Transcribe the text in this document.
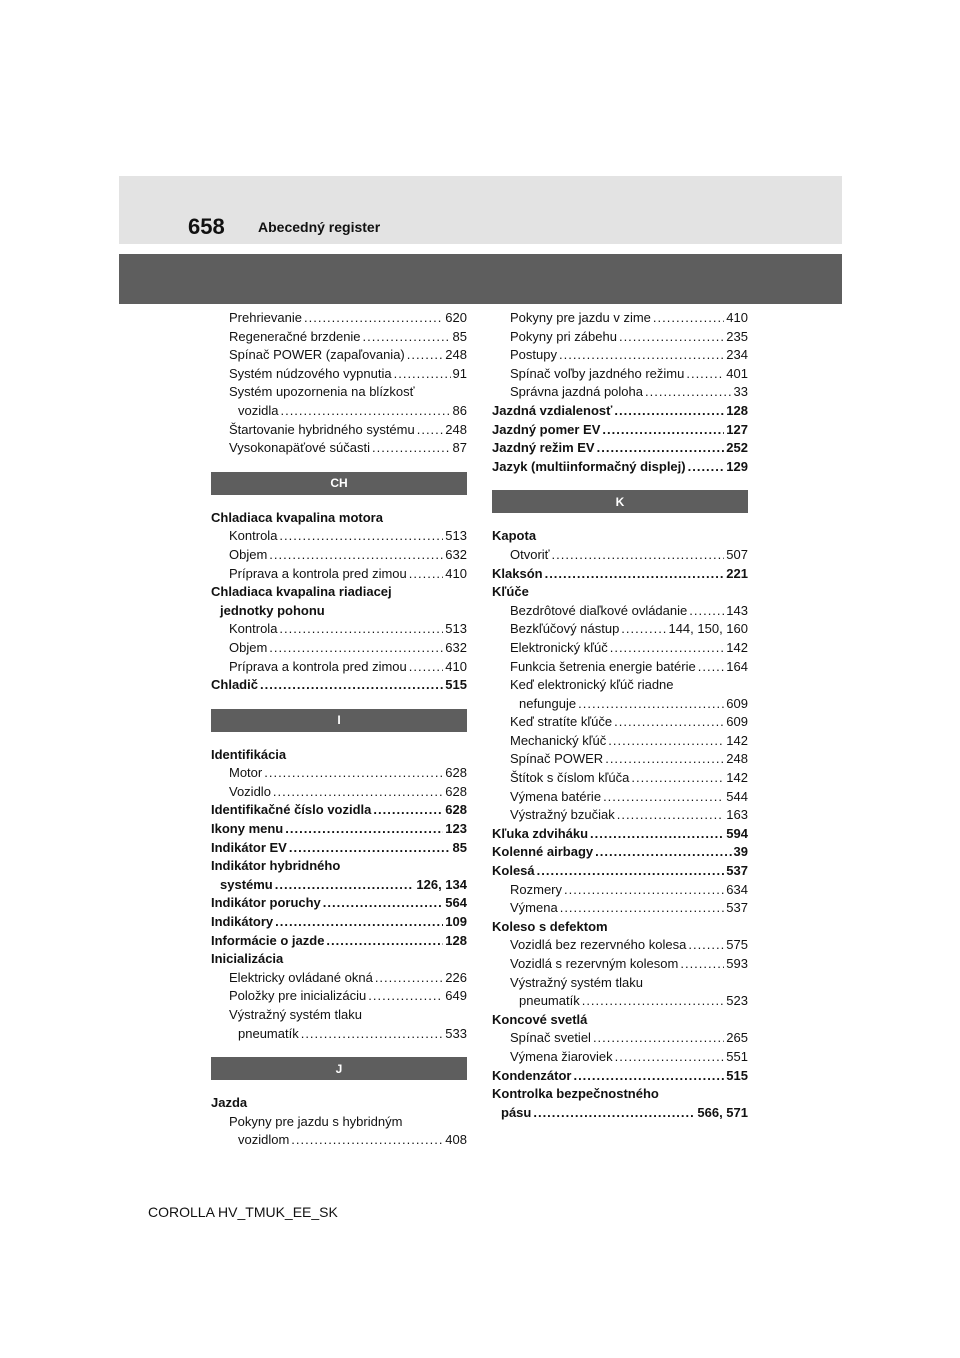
658 Abecedný register
Prehrievanie .....	620
Regeneračné brzdenie .....	85
Spínač POWER (zapaľovania) .....	248
Systém núdzového vypnutia .....	91
Systém upozornenia na blízkosť
vozidla .....	86
Štartovanie hybridného systému ..... 248
Vysokonapäťové súčasti .....	87
CH
Chladiaca kvapalina motora
Kontrola .....	513
Objem .....	632
Príprava a kontrola pred zimou .....	410
Chladiaca kvapalina riadiacej
jednotky pohonu
Kontrola .....	513
Objem .....	632
Príprava a kontrola pred zimou .....	410
Chladič .....	515
I
Identifikácia
Motor .....	628
Vozidlo .....	628
Identifikačné číslo vozidla .....	628
Ikony menu .....	123
Indikátor EV .....	85
Indikátor hybridného
systému .....	126, 134
Indikátor poruchy .....	564
Indikátory .....	109
Informácie o jazde .....	128
Inicializácia
Elektricky ovládané okná .....	226
Položky pre inicializáciu .....	649
Výstražný systém tlaku
pneumatík .....	533
J
Jazda
Pokyny pre jazdu s hybridným
vozidlom .....	408
Pokyny pre jazdu v zime .....	410
Pokyny pri zábehu .....	235
Postupy .....	234
Spínač voľby jazdného režimu .....	401
Správna jazdná poloha .....	33
Jazdná vzdialenosť .....	128
Jazdný pomer EV .....	127
Jazdný režim EV .....	252
Jazyk (multiinformačný displej) .....	129
K
Kapota
Otvoriť .....	507
Klaksón .....	221
Kľúče
Bezdrôtové diaľkové ovládanie .....	143
Bezkľúčový nástup .....	144, 150, 160
Elektronický kľúč .....	142
Funkcia šetrenia energie batérie ..... 164
Keď elektronický kľúč riadne
nefunguje .....	609
Keď stratíte kľúče .....	609
Mechanický kľúč .....	142
Spínač POWER .....	248
Štítok s číslom kľúča .....	142
Výmena batérie .....	544
Výstražný bzučiak .....	163
Kľuka zdviháku .....	594
Kolenné airbagy .....	39
Kolesá .....	537
Rozmery .....	634
Výmena .....	537
Koleso s defektom
Vozidlá bez rezervného kolesa .....	575
Vozidlá s rezervným kolesom .....	593
Výstražný systém tlaku
pneumatík .....	523
Koncové svetlá
Spínač svetiel .....	265
Výmena žiaroviek .....	551
Kondenzátor .....	515
Kontrolka bezpečnostného
pásu .....	566, 571
COROLLA HV_TMUK_EE_SK
